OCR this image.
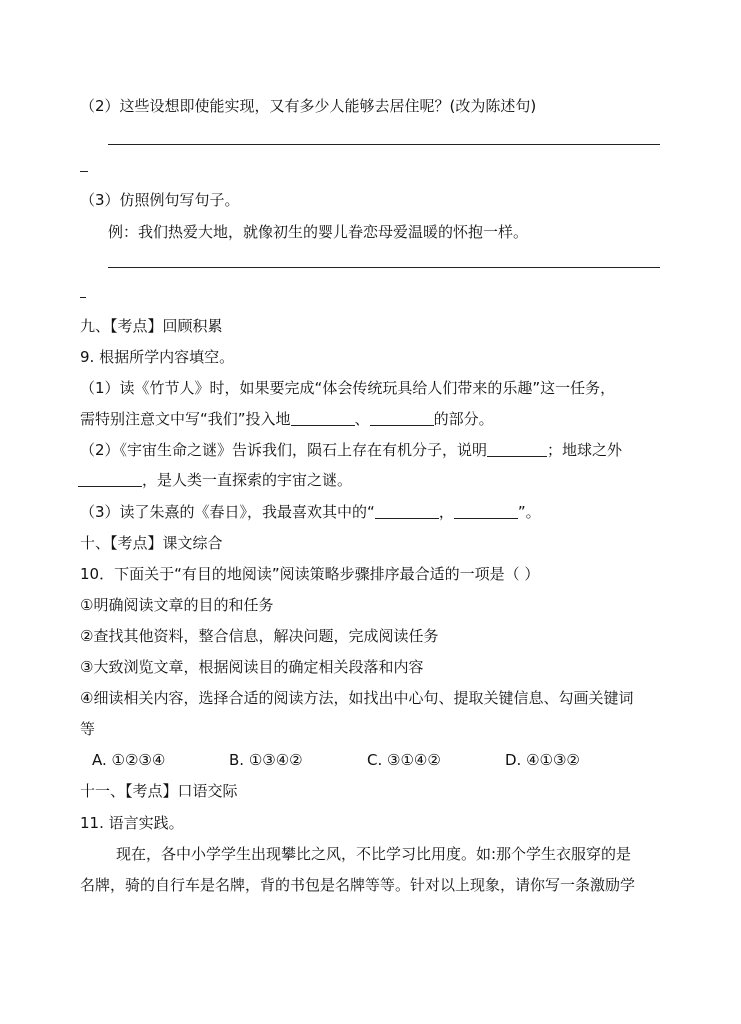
（2）这些设想即使能实现，又有多少人能够去居住呢？(改为陈述句)
（3）仿照例句写句子。
例：我们热爱大地，就像初生的婴儿眷恋母爱温暖的怀抱一样。
九、【考点】回顾积累
9. 根据所学内容填空。
（1）读《竹节人》时，如果要完成“体会传统玩具给人们带来的乐趣”这一任务，
需特别注意文中写“我们”投入地	、	的部分。
（2）《宇宙生命之谜》告诉我们，陨石上存在有机分子，说明	；地球之外
，是人类一直探索的宇宙之谜。
（3）读了朱熹的《春日》，我最喜欢其中的“	，	”。
十、【考点】课文综合
10．下面关于“有目的地阅读”阅读策略步骤排序最合适的一项是（ ）
①明确阅读文章的目的和任务
②查找其他资料，整合信息，解决问题，完成阅读任务
③大致浏览文章，根据阅读目的确定相关段落和内容
④细读相关内容，选择合适的阅读方法，如找出中心句、提取关键信息、勾画关键词
等
A. ①②③④	B. ①③④②	C. ③①④②	D. ④①③②
十一、【考点】口语交际
11. 语言实践。
现在，各中小学学生出现攀比之风，不比学习比用度。如:那个学生衣服穿的是
名牌，骑的自行车是名牌，背的书包是名牌等等。针对以上现象，请你写一条激励学
